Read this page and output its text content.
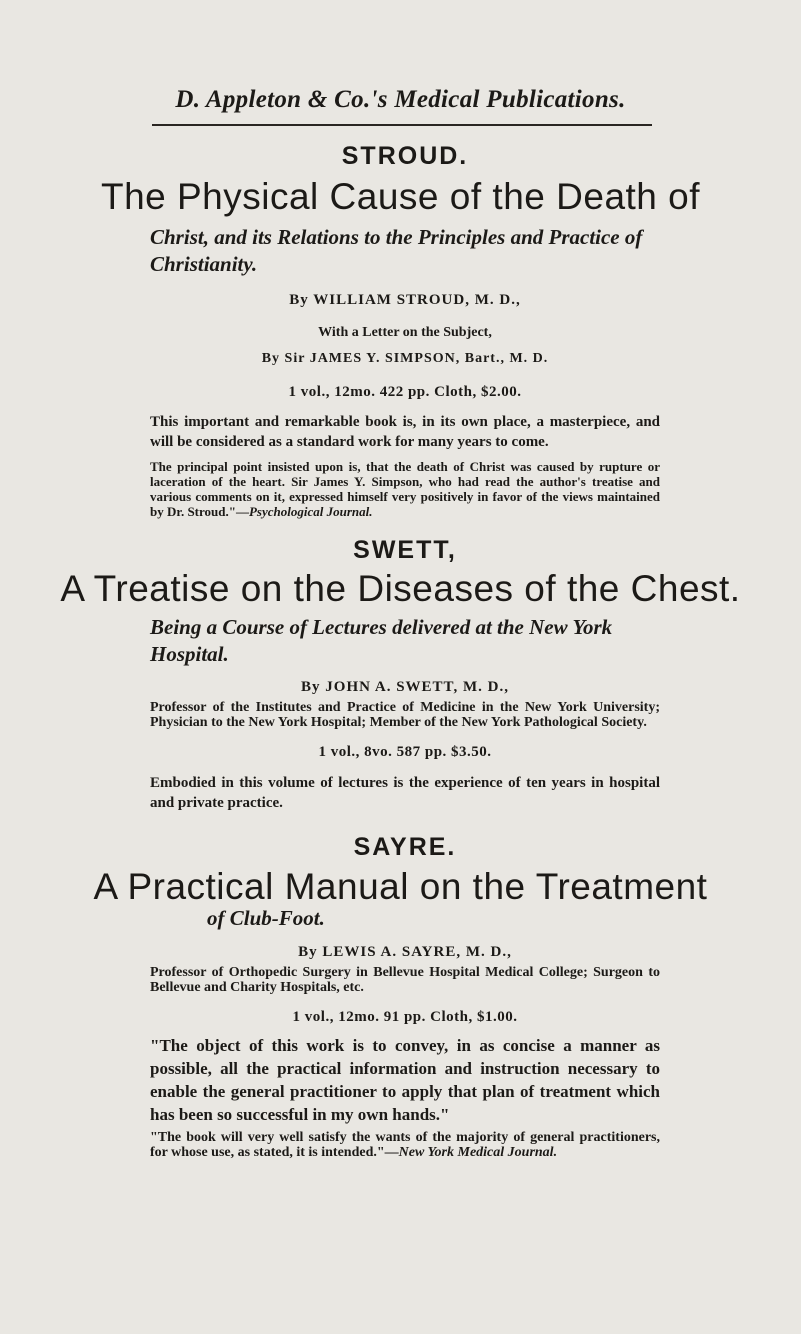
D. Appleton & Co.'s Medical Publications.
STROUD.
The Physical Cause of the Death of
Christ, and its Relations to the Principles and Practice of Christianity.
By WILLIAM STROUD, M. D.,
With a Letter on the Subject,
By Sir JAMES Y. SIMPSON, Bart., M. D.
1 vol., 12mo. 422 pp. Cloth, $2.00.
This important and remarkable book is, in its own place, a masterpiece, and will be considered as a standard work for many years to come.
The principal point insisted upon is, that the death of Christ was caused by rupture or laceration of the heart. Sir James Y. Simpson, who had read the author's treatise and various comments on it, expressed himself very positively in favor of the views maintained by Dr. Stroud."—Psychological Journal.
SWETT,
A Treatise on the Diseases of the Chest.
Being a Course of Lectures delivered at the New York Hospital.
By JOHN A. SWETT, M. D.,
Professor of the Institutes and Practice of Medicine in the New York University; Physician to the New York Hospital; Member of the New York Pathological Society.
1 vol., 8vo. 587 pp. $3.50.
Embodied in this volume of lectures is the experience of ten years in hospital and private practice.
SAYRE.
A Practical Manual on the Treatment
of Club-Foot.
By LEWIS A. SAYRE, M. D.,
Professor of Orthopedic Surgery in Bellevue Hospital Medical College; Surgeon to Bellevue and Charity Hospitals, etc.
1 vol., 12mo. 91 pp. Cloth, $1.00.
"The object of this work is to convey, in as concise a manner as possible, all the practical information and instruction necessary to enable the general practitioner to apply that plan of treatment which has been so successful in my own hands."
"The book will very well satisfy the wants of the majority of general practitioners, for whose use, as stated, it is intended."—New York Medical Journal.
